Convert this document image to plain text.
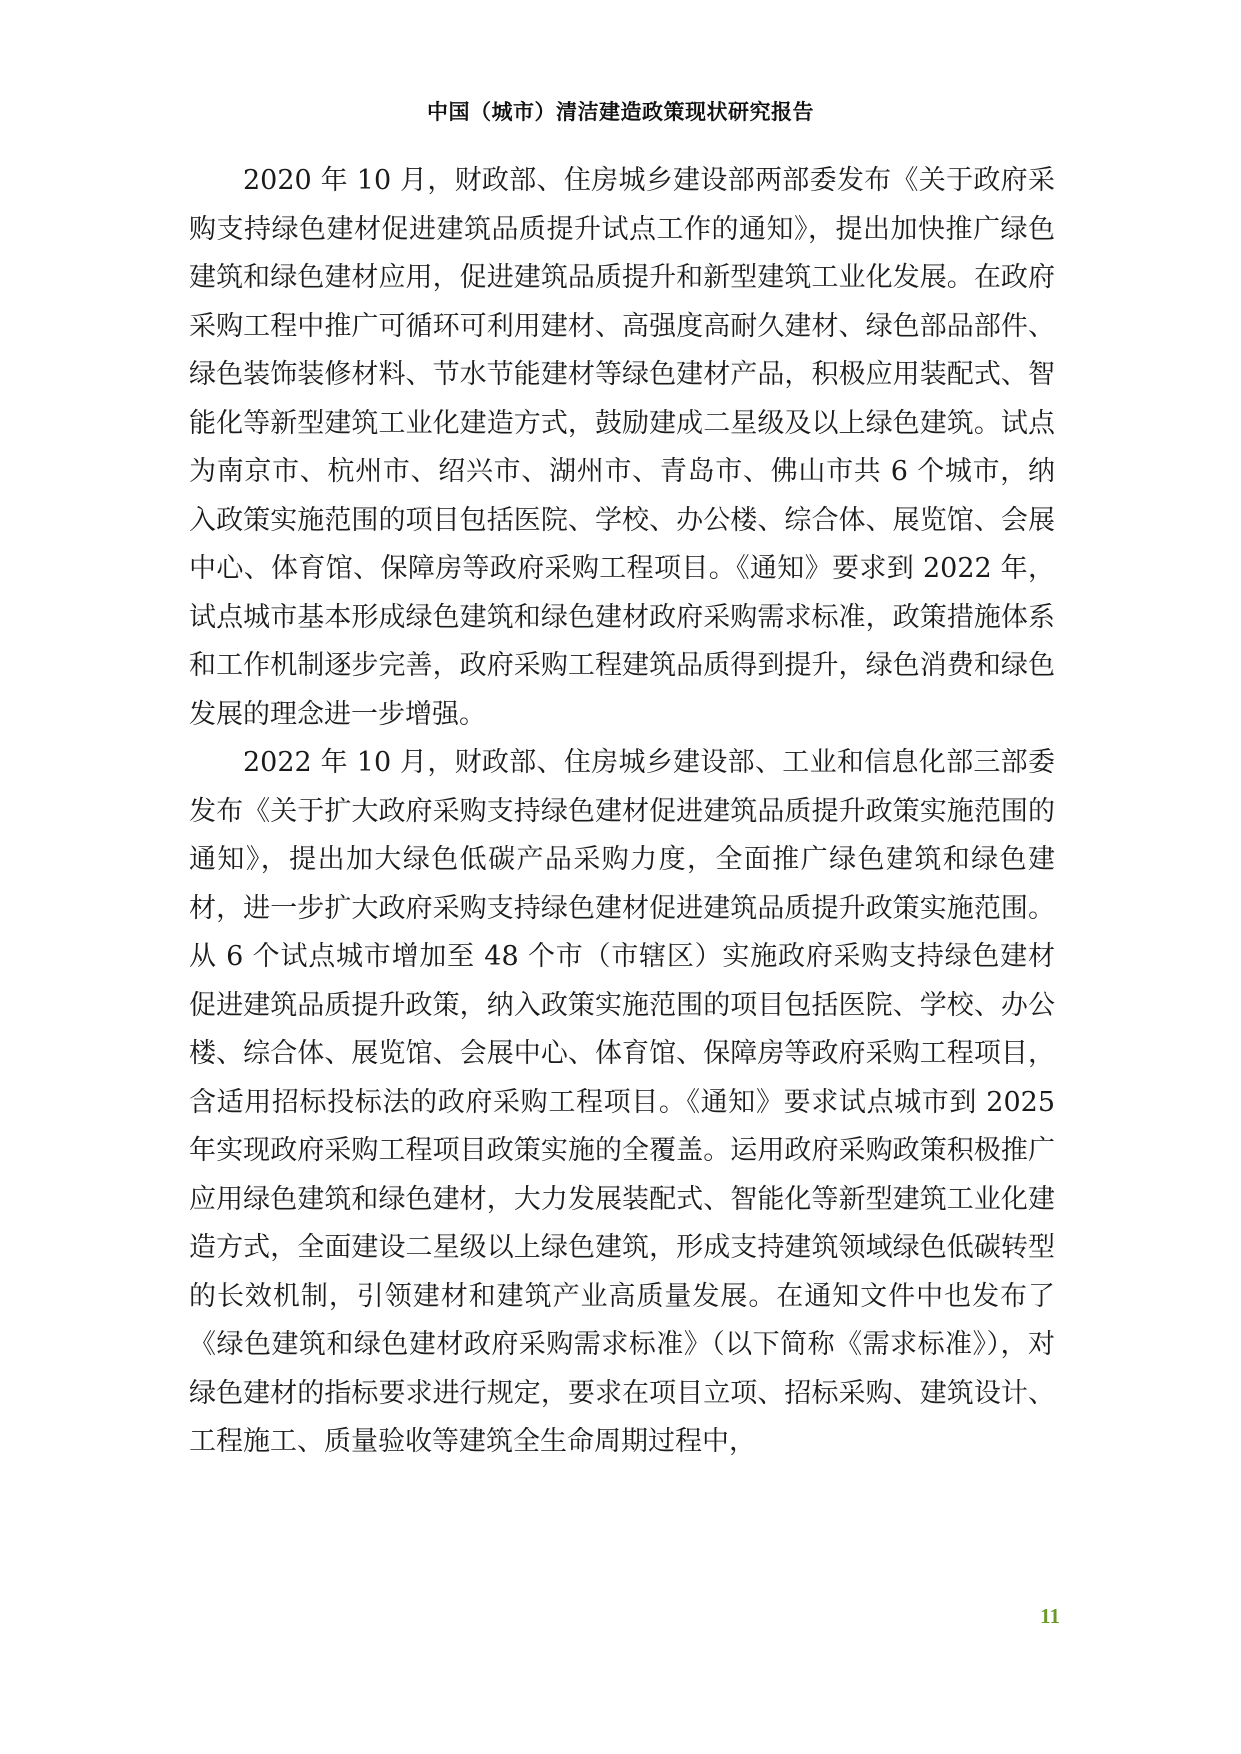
中国（城市）清洁建造政策现状研究报告

2020 年 10 月，财政部、住房城乡建设部两部委发布《关于政府采购支持绿色建材促进建筑品质提升试点工作的通知》，提出加快推广绿色建筑和绿色建材应用，促进建筑品质提升和新型建筑工业化发展。在政府采购工程中推广可循环可利用建材、高强度高耐久建材、绿色部品部件、绿色装饰装修材料、节水节能建材等绿色建材产品，积极应用装配式、智能化等新型建筑工业化建造方式，鼓励建成二星级及以上绿色建筑。试点为南京市、杭州市、绍兴市、湖州市、青岛市、佛山市共 6 个城市，纳入政策实施范围的项目包括医院、学校、办公楼、综合体、展览馆、会展中心、体育馆、保障房等政府采购工程项目。《通知》要求到 2022 年，试点城市基本形成绿色建筑和绿色建材政府采购需求标准，政策措施体系和工作机制逐步完善，政府采购工程建筑品质得到提升，绿色消费和绿色发展的理念进一步增强。

2022 年 10 月，财政部、住房城乡建设部、工业和信息化部三部委发布《关于扩大政府采购支持绿色建材促进建筑品质提升政策实施范围的通知》，提出加大绿色低碳产品采购力度，全面推广绿色建筑和绿色建材，进一步扩大政府采购支持绿色建材促进建筑品质提升政策实施范围。从 6 个试点城市增加至 48 个市（市辖区）实施政府采购支持绿色建材促进建筑品质提升政策，纳入政策实施范围的项目包括医院、学校、办公楼、综合体、展览馆、会展中心、体育馆、保障房等政府采购工程项目，含适用招标投标法的政府采购工程项目。《通知》要求试点城市到 2025 年实现政府采购工程项目政策实施的全覆盖。运用政府采购政策积极推广应用绿色建筑和绿色建材，大力发展装配式、智能化等新型建筑工业化建造方式，全面建设二星级以上绿色建筑，形成支持建筑领域绿色低碳转型的长效机制，引领建材和建筑产业高质量发展。在通知文件中也发布了《绿色建筑和绿色建材政府采购需求标准》（以下简称《需求标准》），对绿色建材的指标要求进行规定，要求在项目立项、招标采购、建筑设计、工程施工、质量验收等建筑全生命周期过程中，

11
